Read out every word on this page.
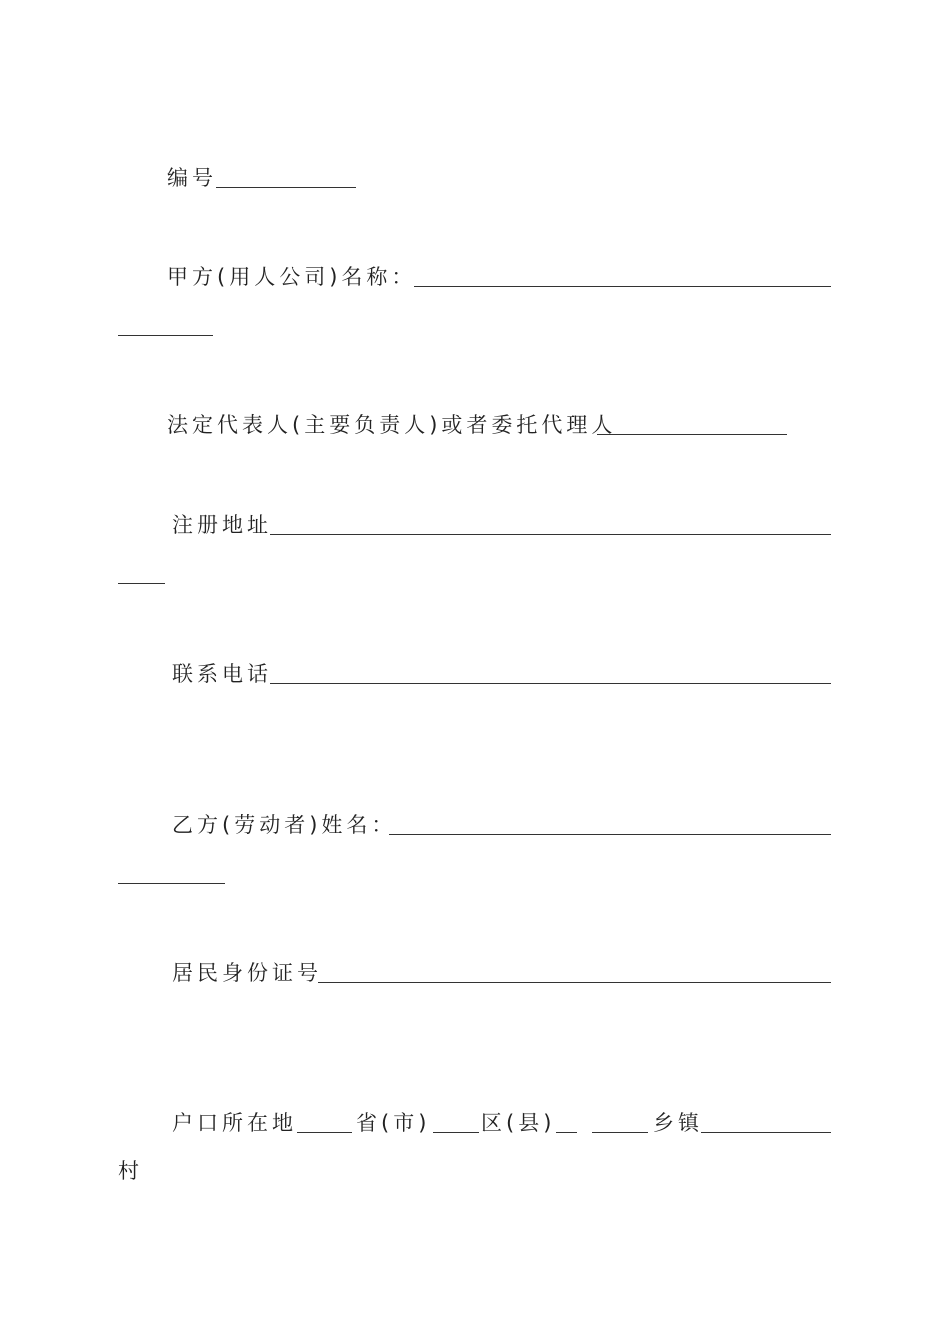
编号
甲方(用人公司)名称：
法定代表人(主要负责人)或者委托代理人
注册地址
联系电话
乙方(劳动者)姓名：
居民身份证号
户口所在地	省(市) 区(县)	乡镇
村
